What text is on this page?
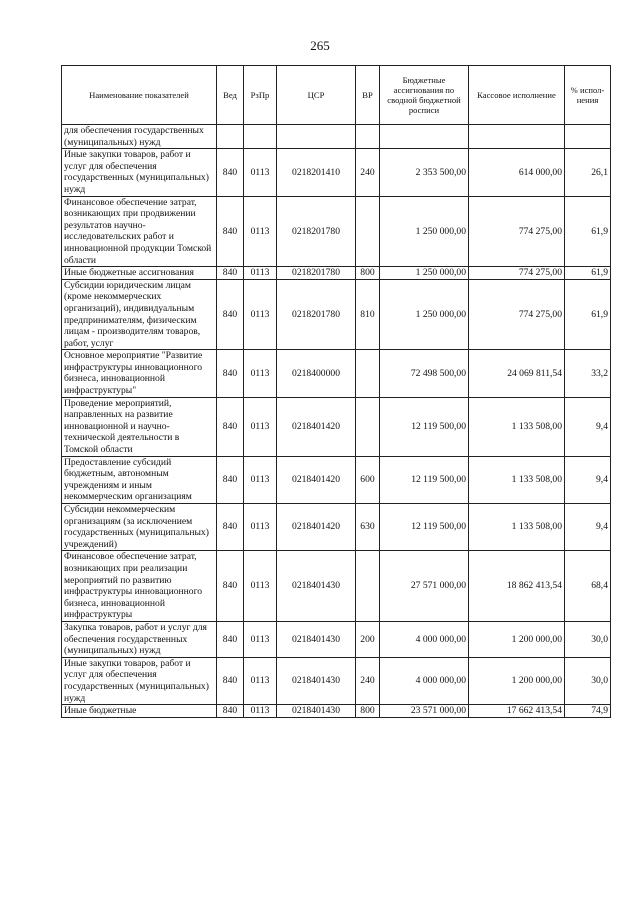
265
Наименование показателей	Вед	РзПр	ЦСР	ВР	Бюджетные ассигнования по сводной бюджетной росписи	Кассовое исполнение	% испол-нения
для обеспечения государственных (муниципальных) нужд							
Иные закупки товаров, работ и услуг для обеспечения государственных (муниципальных) нужд	840	0113	0218201410	240	2 353 500,00	614 000,00	26,1
Финансовое обеспечение затрат, возникающих при продвижении результатов научно-исследовательских работ и инновационной продукции Томской области	840	0113	0218201780		1 250 000,00	774 275,00	61,9
Иные бюджетные ассигнования	840	0113	0218201780	800	1 250 000,00	774 275,00	61,9
Субсидии юридическим лицам (кроме некоммерческих организаций), индивидуальным предпринимателям, физическим лицам - производителям товаров, работ, услуг	840	0113	0218201780	810	1 250 000,00	774 275,00	61,9
Основное мероприятие "Развитие инфраструктуры инновационного бизнеса, инновационной инфраструктуры"	840	0113	0218400000		72 498 500,00	24 069 811,54	33,2
Проведение мероприятий, направленных на развитие инновационной и научно-технической деятельности в Томской области	840	0113	0218401420		12 119 500,00	1 133 508,00	9,4
Предоставление субсидий бюджетным, автономным учреждениям и иным некоммерческим организациям	840	0113	0218401420	600	12 119 500,00	1 133 508,00	9,4
Субсидии некоммерческим организациям (за исключением государственных (муниципальных) учреждений)	840	0113	0218401420	630	12 119 500,00	1 133 508,00	9,4
Финансовое обеспечение затрат, возникающих при реализации мероприятий по развитию инфраструктуры инновационного бизнеса, инновационной инфраструктуры	840	0113	0218401430		27 571 000,00	18 862 413,54	68,4
Закупка товаров, работ и услуг для обеспечения государственных (муниципальных) нужд	840	0113	0218401430	200	4 000 000,00	1 200 000,00	30,0
Иные закупки товаров, работ и услуг для обеспечения государственных (муниципальных) нужд	840	0113	0218401430	240	4 000 000,00	1 200 000,00	30,0
Иные бюджетные	840	0113	0218401430	800	23 571 000,00	17 662 413,54	74,9
